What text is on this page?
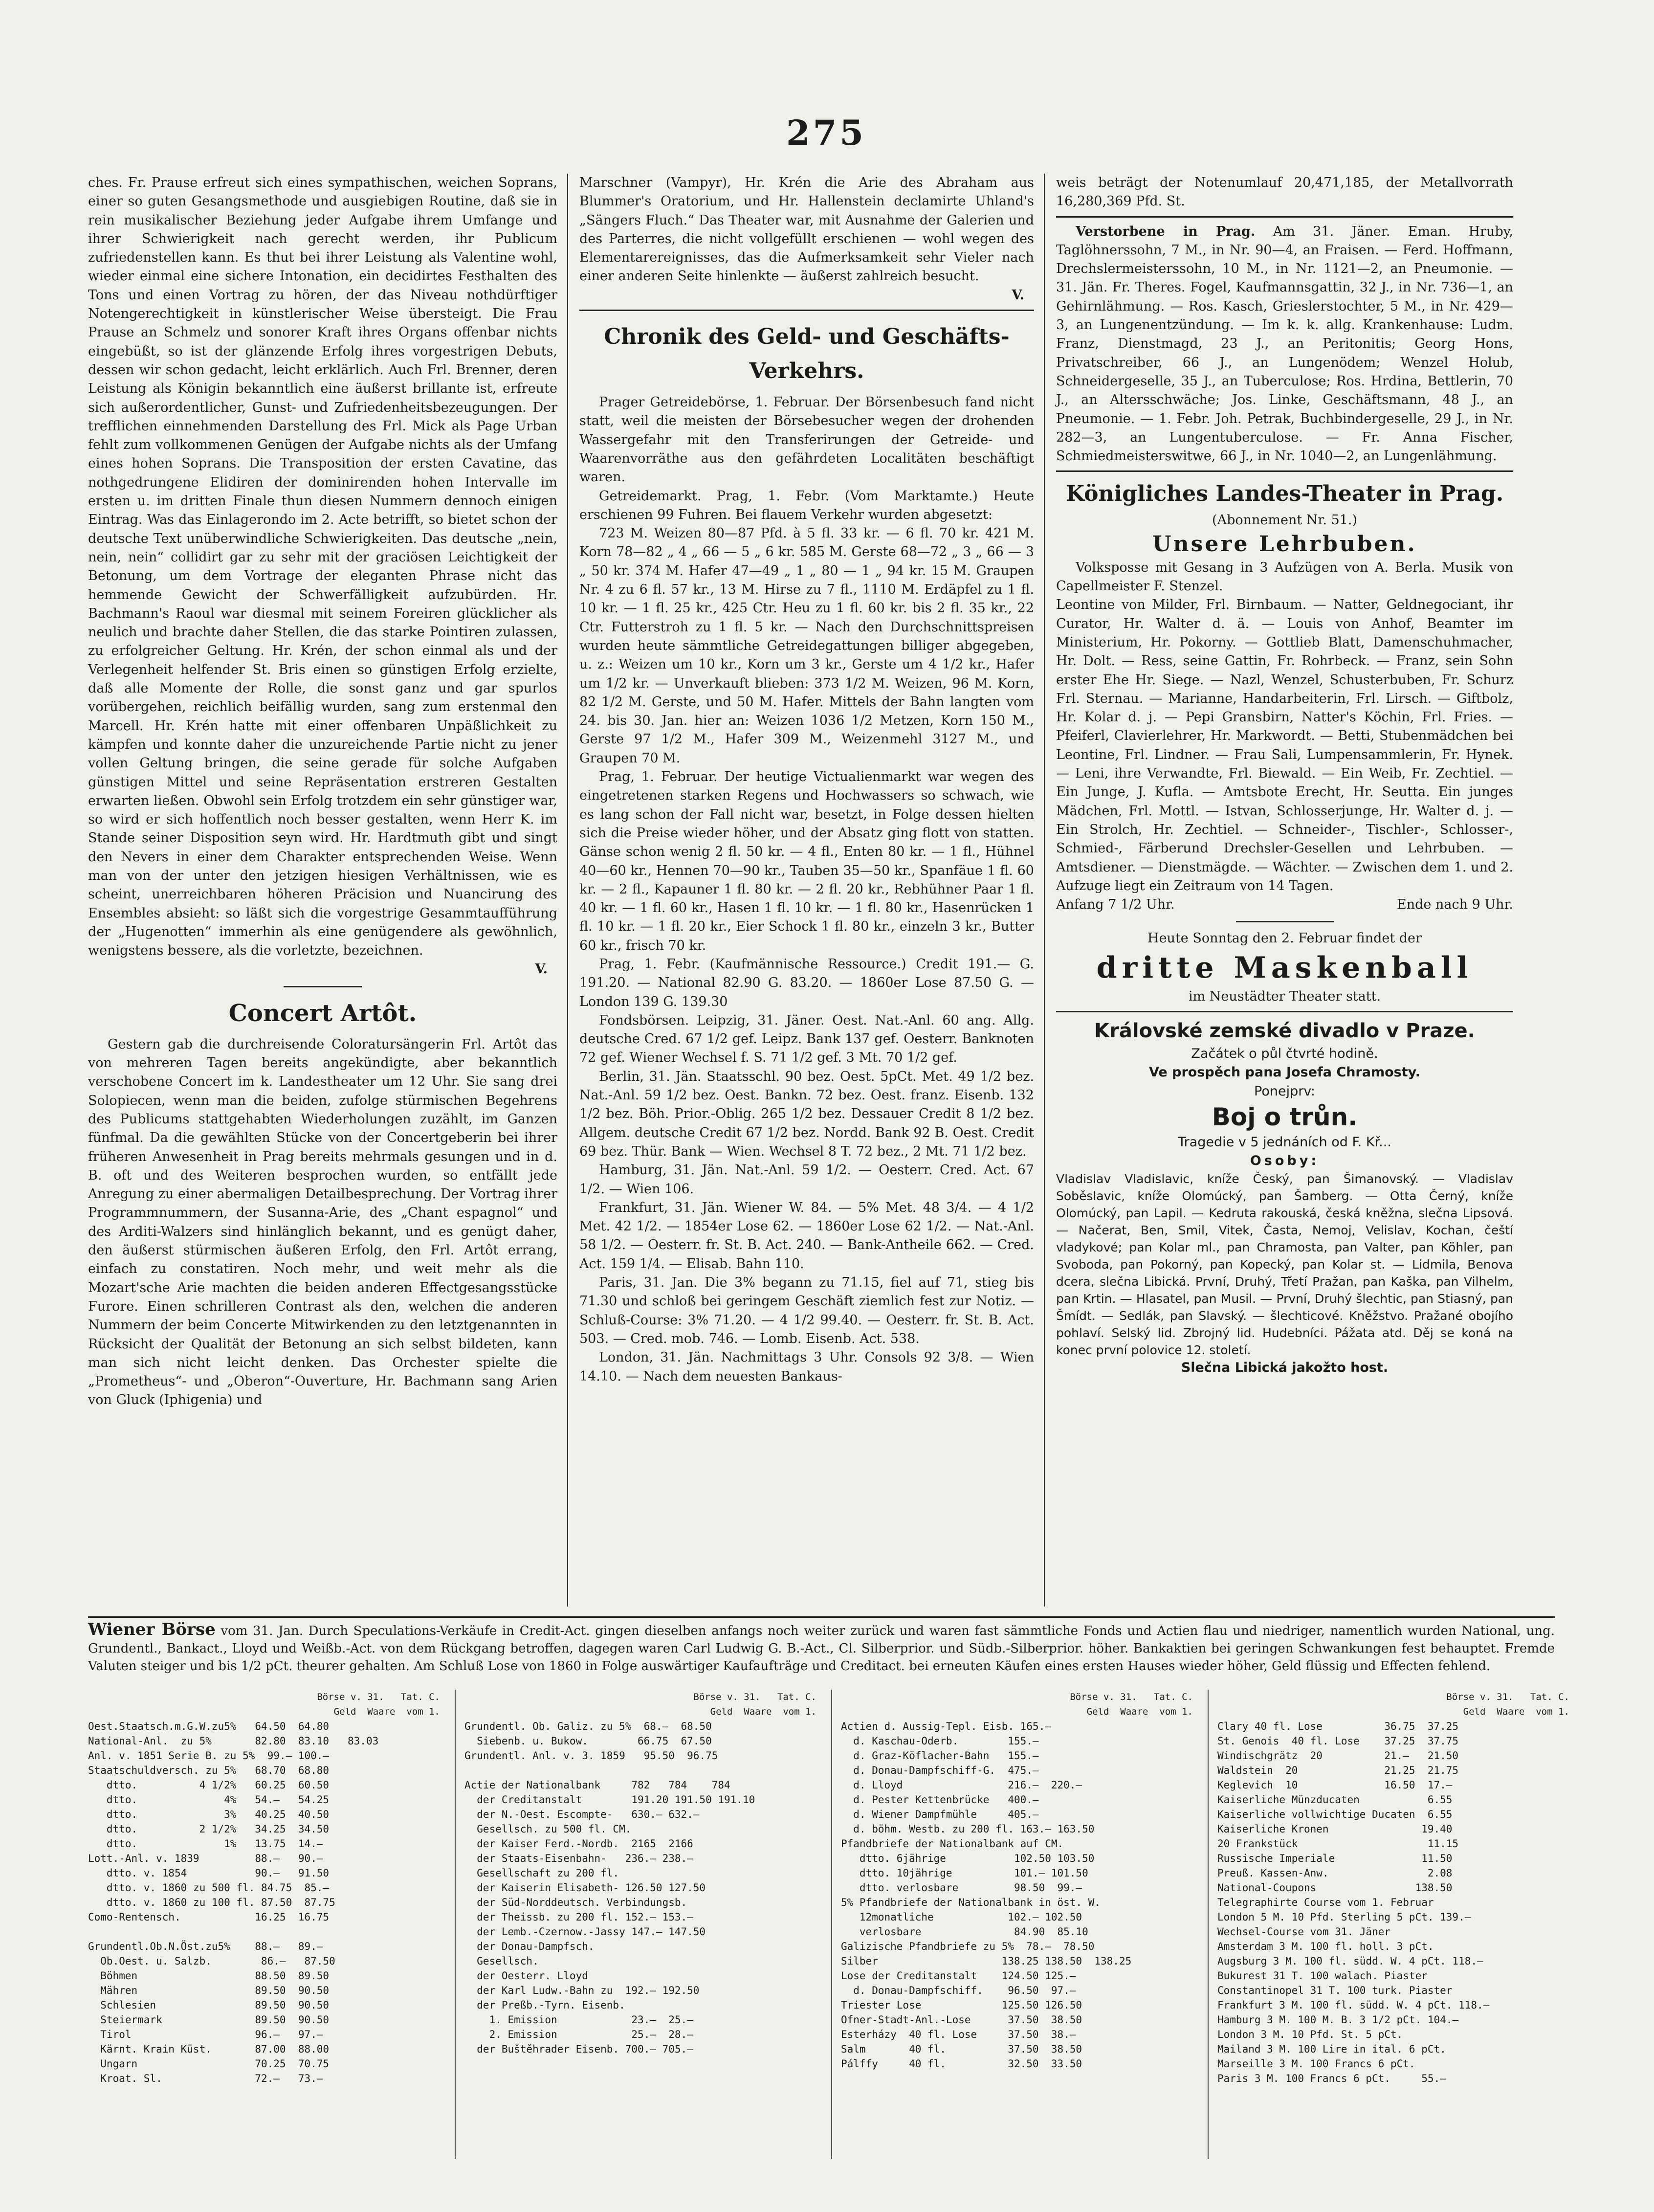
275

ches. Fr. Prause erfreut sich eines sympathischen, weichen Soprans, einer so guten Gesangsmethode und ausgiebigen Routine, daß sie in rein musikalischer Beziehung jeder Aufgabe ihrem Umfange und ihrer Schwierigkeit nach gerecht werden, ihr Publicum zufriedenstellen kann. Es thut bei ihrer Leistung als Valentine wohl, wieder einmal eine sichere Intonation, ein decidirtes Festhalten des Tons und einen Vortrag zu hören, der das Niveau nothdürftiger Notengerechtigkeit in künstlerischer Weise übersteigt. Die Frau Prause an Schmelz und sonorer Kraft ihres Organs offenbar nichts eingebüßt, so ist der glänzende Erfolg ihres vorgestrigen Debuts, dessen wir schon gedacht, leicht erklärlich. Auch Frl. Brenner, deren Leistung als Königin bekanntlich eine äußerst brillante ist, erfreute sich außerordentlicher, Gunst- und Zufriedenheitsbezeugungen. Der trefflichen einnehmenden Darstellung des Frl. Mick als Page Urban fehlt zum vollkommenen Genügen der Aufgabe nichts als der Umfang eines hohen Soprans. Die Transposition der ersten Cavatine, das nothgedrungene Elidiren der dominirenden hohen Intervalle im ersten u. im dritten Finale thun diesen Nummern dennoch einigen Eintrag. Was das Einlagerondo im 2. Acte betrifft, so bietet schon der deutsche Text unüberwindliche Schwierigkeiten. Das deutsche „nein, nein, nein“ collidirt gar zu sehr mit der graciösen Leichtigkeit der Betonung, um dem Vortrage der eleganten Phrase nicht das hemmende Gewicht der Schwerfälligkeit aufzubürden. Hr. Bachmann's Raoul war diesmal mit seinem Foreiren glücklicher als neulich und brachte daher Stellen, die das starke Pointiren zulassen, zu erfolgreicher Geltung. Hr. Krén, der schon einmal als und der Verlegenheit helfender St. Bris einen so günstigen Erfolg erzielte, daß alle Momente der Rolle, die sonst ganz und gar spurlos vorübergehen, reichlich beifällig wurden, sang zum erstenmal den Marcell. Hr. Krén hatte mit einer offenbaren Unpäßlichkeit zu kämpfen und konnte daher die unzureichende Partie nicht zu jener vollen Geltung bringen, die seine gerade für solche Aufgaben günstigen Mittel und seine Repräsentation erstreren Gestalten erwarten ließen. Obwohl sein Erfolg trotzdem ein sehr günstiger war, so wird er sich hoffentlich noch besser gestalten, wenn Herr K. im Stande seiner Disposition seyn wird. Hr. Hardtmuth gibt und singt den Nevers in einer dem Charakter entsprechenden Weise. Wenn man von der unter den jetzigen hiesigen Verhältnissen, wie es scheint, unerreichbaren höheren Präcision und Nuancirung des Ensembles absieht: so läßt sich die vorgestrige Gesammtaufführung der „Hugenotten“ immerhin als eine genügendere als gewöhnlich, wenigstens bessere, als die vorletzte, bezeichnen.

V.
Concert Artôt.

Gestern gab die durchreisende Coloratursängerin Frl. Artôt das von mehreren Tagen bereits angekündigte, aber bekanntlich verschobene Concert im k. Landestheater um 12 Uhr. Sie sang drei Solopiecen, wenn man die beiden, zufolge stürmischen Begehrens des Publicums stattgehabten Wiederholungen zuzählt, im Ganzen fünfmal. Da die gewählten Stücke von der Concertgeberin bei ihrer früheren Anwesenheit in Prag bereits mehrmals gesungen und in d. B. oft und des Weiteren besprochen wurden, so entfällt jede Anregung zu einer abermaligen Detailbesprechung. Der Vortrag ihrer Programmnummern, der Susanna-Arie, des „Chant espagnol“ und des Arditi-Walzers sind hinlänglich bekannt, und es genügt daher, den äußerst stürmischen äußeren Erfolg, den Frl. Artôt errang, einfach zu constatiren. Noch mehr, und weit mehr als die Mozart'sche Arie machten die beiden anderen Effectgesangsstücke Furore. Einen schrilleren Contrast als den, welchen die anderen Nummern der beim Concerte Mitwirkenden zu den letztgenannten in Rücksicht der Qualität der Betonung an sich selbst bildeten, kann man sich nicht leicht denken. Das Orchester spielte die „Prometheus“- und „Oberon“-Ouverture, Hr. Bachmann sang Arien von Gluck (Iphigenia) und

Marschner (Vampyr), Hr. Krén die Arie des Abraham aus Blummer's Oratorium, und Hr. Hallenstein declamirte Uhland's „Sängers Fluch.“ Das Theater war, mit Ausnahme der Galerien und des Parterres, die nicht vollgefüllt erschienen — wohl wegen des Elementarereignisses, das die Aufmerksamkeit sehr Vieler nach einer anderen Seite hinlenkte — äußerst zahlreich besucht.

V.
Chronik des Geld- und Geschäfts-Verkehrs.

Prager Getreidebörse, 1. Februar. Der Börsenbesuch fand nicht statt, weil die meisten der Börsebesucher wegen der drohenden Wassergefahr mit den Transferirungen der Getreide- und Waarenvorräthe aus den gefährdeten Localitäten beschäftigt waren.

Getreidemarkt. Prag, 1. Febr. (Vom Marktamte.) Heute erschienen 99 Fuhren. Bei flauem Verkehr wurden abgesetzt:

723 M. Weizen 80—87 Pfd. à 5 fl. 33 kr. — 6 fl. 70 kr. 421 M. Korn 78—82 „ 4 „ 66 — 5 „ 6 kr. 585 M. Gerste 68—72 „ 3 „ 66 — 3 „ 50 kr. 374 M. Hafer 47—49 „ 1 „ 80 — 1 „ 94 kr. 15 M. Graupen Nr. 4 zu 6 fl. 57 kr., 13 M. Hirse zu 7 fl., 1110 M. Erdäpfel zu 1 fl. 10 kr. — 1 fl. 25 kr., 425 Ctr. Heu zu 1 fl. 60 kr. bis 2 fl. 35 kr., 22 Ctr. Futterstroh zu 1 fl. 5 kr. — Nach den Durchschnittspreisen wurden heute sämmtliche Getreidegattungen billiger abgegeben, u. z.: Weizen um 10 kr., Korn um 3 kr., Gerste um 4 1/2 kr., Hafer um 1/2 kr. — Unverkauft blieben: 373 1/2 M. Weizen, 96 M. Korn, 82 1/2 M. Gerste, und 50 M. Hafer. Mittels der Bahn langten vom 24. bis 30. Jan. hier an: Weizen 1036 1/2 Metzen, Korn 150 M., Gerste 97 1/2 M., Hafer 309 M., Weizenmehl 3127 M., und Graupen 70 M.

Prag, 1. Februar. Der heutige Victualienmarkt war wegen des eingetretenen starken Regens und Hochwassers so schwach, wie es lang schon der Fall nicht war, besetzt, in Folge dessen hielten sich die Preise wieder höher, und der Absatz ging flott von statten. Gänse schon wenig 2 fl. 50 kr. — 4 fl., Enten 80 kr. — 1 fl., Hühnel 40—60 kr., Hennen 70—90 kr., Tauben 35—50 kr., Spanfäue 1 fl. 60 kr. — 2 fl., Kapauner 1 fl. 80 kr. — 2 fl. 20 kr., Rebhühner Paar 1 fl. 40 kr. — 1 fl. 60 kr., Hasen 1 fl. 10 kr. — 1 fl. 80 kr., Hasenrücken 1 fl. 10 kr. — 1 fl. 20 kr., Eier Schock 1 fl. 80 kr., einzeln 3 kr., Butter 60 kr., frisch 70 kr.

Prag, 1. Febr. (Kaufmännische Ressource.) Credit 191.— G. 191.20. — National 82.90 G. 83.20. — 1860er Lose 87.50 G. — London 139 G. 139.30

Fondsbörsen. Leipzig, 31. Jäner. Oest. Nat.-Anl. 60 ang. Allg. deutsche Cred. 67 1/2 gef. Leipz. Bank 137 gef. Oesterr. Banknoten 72 gef. Wiener Wechsel f. S. 71 1/2 gef. 3 Mt. 70 1/2 gef.

Berlin, 31. Jän. Staatsschl. 90 bez. Oest. 5pCt. Met. 49 1/2 bez. Nat.-Anl. 59 1/2 bez. Oest. Bankn. 72 bez. Oest. franz. Eisenb. 132 1/2 bez. Böh. Prior.-Oblig. 265 1/2 bez. Dessauer Credit 8 1/2 bez. Allgem. deutsche Credit 67 1/2 bez. Nordd. Bank 92 B. Oest. Credit 69 bez. Thür. Bank — Wien. Wechsel 8 T. 72 bez., 2 Mt. 71 1/2 bez.

Hamburg, 31. Jän. Nat.-Anl. 59 1/2. — Oesterr. Cred. Act. 67 1/2. — Wien 106.

Frankfurt, 31. Jän. Wiener W. 84. — 5% Met. 48 3/4. — 4 1/2 Met. 42 1/2. — 1854er Lose 62. — 1860er Lose 62 1/2. — Nat.-Anl. 58 1/2. — Oesterr. fr. St. B. Act. 240. — Bank-Antheile 662. — Cred. Act. 159 1/4. — Elisab. Bahn 110.

Paris, 31. Jan. Die 3% begann zu 71.15, fiel auf 71, stieg bis 71.30 und schloß bei geringem Geschäft ziemlich fest zur Notiz. — Schluß-Course: 3% 71.20. — 4 1/2 99.40. — Oesterr. fr. St. B. Act. 503. — Cred. mob. 746. — Lomb. Eisenb. Act. 538.

London, 31. Jän. Nachmittags 3 Uhr. Consols 92 3/8. — Wien 14.10. — Nach dem neuesten Bankaus-

weis beträgt der Notenumlauf 20,471,185, der Metallvorrath 16,280,369 Pfd. St.

Verstorbene in Prag. Am 31. Jäner. Eman. Hruby, Taglöhnerssohn, 7 M., in Nr. 90—4, an Fraisen. — Ferd. Hoffmann, Drechslermeisterssohn, 10 M., in Nr. 1121—2, an Pneumonie. — 31. Jän. Fr. Theres. Fogel, Kaufmannsgattin, 32 J., in Nr. 736—1, an Gehirnlähmung. — Ros. Kasch, Grieslerstochter, 5 M., in Nr. 429—3, an Lungenentzündung. — Im k. k. allg. Krankenhause: Ludm. Franz, Dienstmagd, 23 J., an Peritonitis; Georg Hons, Privatschreiber, 66 J., an Lungenödem; Wenzel Holub, Schneidergeselle, 35 J., an Tuberculose; Ros. Hrdina, Bettlerin, 70 J., an Altersschwäche; Jos. Linke, Geschäftsmann, 48 J., an Pneumonie. — 1. Febr. Joh. Petrak, Buchbindergeselle, 29 J., in Nr. 282—3, an Lungentuberculose. — Fr. Anna Fischer, Schmiedmeisterswitwe, 66 J., in Nr. 1040—2, an Lungenlähmung.

Königliches Landes-Theater in Prag.
(Abonnement Nr. 51.)
Unsere Lehrbuben.

Volksposse mit Gesang in 3 Aufzügen von A. Berla. Musik von Capellmeister F. Stenzel.

Leontine von Milder, Frl. Birnbaum. — Natter, Geldnegociant, ihr Curator, Hr. Walter d. ä. — Louis von Anhof, Beamter im Ministerium, Hr. Pokorny. — Gottlieb Blatt, Damenschuhmacher, Hr. Dolt. — Ress, seine Gattin, Fr. Rohrbeck. — Franz, sein Sohn erster Ehe Hr. Siege. — Nazl, Wenzel, Schusterbuben, Fr. Schurz Frl. Sternau. — Marianne, Handarbeiterin, Frl. Lirsch. — Giftbolz, Hr. Kolar d. j. — Pepi Gransbirn, Natter's Köchin, Frl. Fries. — Pfeiferl, Clavierlehrer, Hr. Markwordt. — Betti, Stubenmädchen bei Leontine, Frl. Lindner. — Frau Sali, Lumpensammlerin, Fr. Hynek. — Leni, ihre Verwandte, Frl. Biewald. — Ein Weib, Fr. Zechtiel. — Ein Junge, J. Kufla. — Amtsbote Erecht, Hr. Seutta. Ein junges Mädchen, Frl. Mottl. — Istvan, Schlosserjunge, Hr. Walter d. j. — Ein Strolch, Hr. Zechtiel. — Schneider-, Tischler-, Schlosser-, Schmied-, Färberund Drechsler-Gesellen und Lehrbuben. — Amtsdiener. — Dienstmägde. — Wächter. — Zwischen dem 1. und 2. Aufzuge liegt ein Zeitraum von 14 Tagen.

Anfang 7 1/2 Uhr.	Ende nach 9 Uhr.
Heute Sonntag den 2. Februar findet der
dritte Maskenball
im Neustädter Theater statt.
Královské zemské divadlo v Praze.
Začátek o půl čtvrté hodině.
Ve prospěch pana Josefa Chramosty.
Ponejprv:
Boj o trůn.
Tragedie v 5 jednáních od F. Kř...
Osoby:

Vladislav Vladislavic, kníže Český, pan Šimanovský. — Vladislav Soběslavic, kníže Olomúcký, pan Šamberg. — Otta Černý, kníže Olomúcký, pan Lapil. — Kedruta rakouská, česká kněžna, slečna Lipsová. — Načerat, Ben, Smil, Vitek, Časta, Nemoj, Velislav, Kochan, čeští vladykové; pan Kolar ml., pan Chramosta, pan Valter, pan Köhler, pan Svoboda, pan Pokorný, pan Kopecký, pan Kolar st. — Lidmila, Benova dcera, slečna Libická. První, Druhý, Třetí Pražan, pan Kaška, pan Vilhelm, pan Krtin. — Hlasatel, pan Musil. — První, Druhý šlechtic, pan Stiasný, pan Šmídt. — Sedlák, pan Slavský. — šlechticové. Kněžstvo. Pražané obojího pohlaví. Selský lid. Zbrojný lid. Hudebníci. Pážata atd. Děj se koná na konec první polovice 12. století.

Slečna Libická jakožto host.
Wiener Börse vom 31. Jan. Durch Speculations-Verkäufe in Credit-Act. gingen dieselben anfangs noch weiter zurück und waren fast sämmtliche Fonds und Actien flau und niedriger, namentlich wurden National, ung. Grundentl., Bankact., Lloyd und Weißb.-Act. von dem Rückgang betroffen, dagegen waren Carl Ludwig G. B.-Act., Cl. Silberprior. und Südb.-Silberprior. höher. Bankaktien bei geringen Schwankungen fest behauptet. Fremde Valuten steiger und bis 1/2 pCt. theurer gehalten. Am Schluß Lose von 1860 in Folge auswärtiger Kaufaufträge und Creditact. bei erneuten Käufen eines ersten Hauses wieder höher, Geld flüssig und Effecten fehlend.
Börse v. 31.   Tat. C.
Geld  Waare  vom 1.
Oest.Staatsch.m.G.W.zu5%   64.50  64.80
National-Anl.  zu 5%       82.80  83.10   83.03
Anl. v. 1851 Serie B. zu 5%  99.— 100.—
Staatschuldversch. zu 5%   68.70  68.80
dtto.          4 1/2%   60.25  60.50
dtto.              4%   54.—   54.25
dtto.              3%   40.25  40.50
dtto.          2 1/2%   34.25  34.50
dtto.              1%   13.75  14.—
Lott.-Anl. v. 1839         88.—   90.—
dtto. v. 1854           90.—   91.50
dtto. v. 1860 zu 500 fl. 84.75  85.—
dtto. v. 1860 zu 100 fl. 87.50  87.75
Como-Rentensch.            16.25  16.75

Grundentl.Ob.N.Öst.zu5%    88.—   89.—
Ob.Oest. u. Salzb.        86.—   87.50
Böhmen                   88.50  89.50
Mähren                   89.50  90.50
Schlesien                89.50  90.50
Steiermark               89.50  90.50
Tirol                    96.—   97.—
Kärnt. Krain Küst.       87.00  88.00
Ungarn                   70.25  70.75
Kroat. Sl.               72.—   73.—
Börse v. 31.   Tat. C.
Geld  Waare  vom 1.
Grundentl. Ob. Galiz. zu 5%  68.—  68.50
Siebenb. u. Bukow.        66.75  67.50
Grundentl. Anl. v. 3. 1859   95.50  96.75

Actie der Nationalbank     782   784    784
der Creditanstalt        191.20 191.50 191.10
der N.-Oest. Escompte-   630.— 632.—
Gesellsch. zu 500 fl. CM.
der Kaiser Ferd.-Nordb.  2165  2166
der Staats-Eisenbahn-   236.— 238.—
Gesellschaft zu 200 fl.
der Kaiserin Elisabeth- 126.50 127.50
der Süd-Norddeutsch. Verbindungsb.
der Theissb. zu 200 fl. 152.— 153.—
der Lemb.-Czernow.-Jassy 147.— 147.50
der Donau-Dampfsch.
Gesellsch.
der Oesterr. Lloyd
der Karl Ludw.-Bahn zu  192.— 192.50
der Preßb.-Tyrn. Eisenb.
1. Emission            23.—  25.—
2. Emission            25.—  28.—
der Buštěhrader Eisenb. 700.— 705.—
Börse v. 31.   Tat. C.
Geld  Waare  vom 1.
Actien d. Aussig-Tepl. Eisb. 165.—
d. Kaschau-Oderb.        155.—
d. Graz-Köflacher-Bahn   155.—
d. Donau-Dampfschiff-G.  475.—
d. Lloyd                 216.—  220.—
d. Pester Kettenbrücke   400.—
d. Wiener Dampfmühle     405.—
d. böhm. Westb. zu 200 fl. 163.— 163.50
Pfandbriefe der Nationalbank auf CM.
dtto. 6jährige           102.50 103.50
dtto. 10jährige          101.— 101.50
dtto. verlosbare         98.50  99.—
5% Pfandbriefe der Nationalbank in öst. W.
12monatliche            102.— 102.50
verlosbare               84.90  85.10
Galizische Pfandbriefe zu 5%  78.—  78.50
Silber                    138.25 138.50  138.25
Lose der Creditanstalt    124.50 125.—
d. Donau-Dampfschiff.    96.50  97.—
Triester Lose             125.50 126.50
Ofner-Stadt-Anl.-Lose      37.50  38.50
Esterházy  40 fl. Lose     37.50  38.—
Salm       40 fl.          37.50  38.50
Pálffy     40 fl.          32.50  33.50
Börse v. 31.   Tat. C.
Geld  Waare  vom 1.
Clary 40 fl. Lose          36.75  37.25
St. Genois  40 fl. Lose    37.25  37.75
Windischgrätz  20          21.—   21.50
Waldstein  20              21.25  21.75
Keglevich  10              16.50  17.—
Kaiserliche Münzducaten           6.55
Kaiserliche vollwichtige Ducaten  6.55
Kaiserliche Kronen               19.40
20 Frankstück                     11.15
Russische Imperiale              11.50
Preuß. Kassen-Anw.                2.08
National-Coupons                138.50
Telegraphirte Course vom 1. Februar
London 5 M. 10 Pfd. Sterling 5 pCt. 139.—
Wechsel-Course vom 31. Jäner
Amsterdam 3 M. 100 fl. holl. 3 pCt.
Augsburg 3 M. 100 fl. südd. W. 4 pCt. 118.—
Bukurest 31 T. 100 walach. Piaster
Constantinopel 31 T. 100 turk. Piaster
Frankfurt 3 M. 100 fl. südd. W. 4 pCt. 118.—
Hamburg 3 M. 100 M. B. 3 1/2 pCt. 104.—
London 3 M. 10 Pfd. St. 5 pCt.
Mailand 3 M. 100 Lire in ital. 6 pCt.
Marseille 3 M. 100 Francs 6 pCt.
Paris 3 M. 100 Francs 6 pCt.     55.—
